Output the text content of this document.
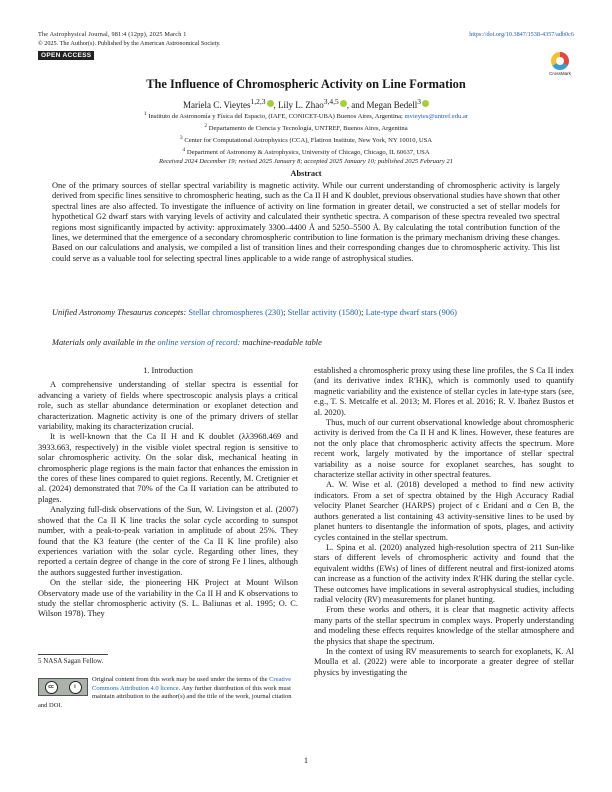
The Astrophysical Journal, 981:4 (12pp), 2025 March 1	https://doi.org/10.3847/1538-4357/adb0c6
© 2025. The Author(s). Published by the American Astronomical Society.
OPEN ACCESS
CrossMark
The Influence of Chromospheric Activity on Line Formation
Mariela C. Vieytes$^{1,2,3}$ , Lily L. Zhao$^{3,4,5}$ , and Megan Bedell$^3$
$^1$ Instituto de Astronomía y Física del Espacio, (IAFE, CONICET-UBA) Buenos Aires, Argentina; mvieytes@untref.edu.ar
$^2$ Departamento de Ciencia y Tecnología, UNTREF, Buenos Aires, Argentina
$^3$ Center for Computational Astrophysics (CCA), Flatiron Institute, New York, NY 10010, USA
$^4$ Department of Astronomy & Astrophysics, University of Chicago, Chicago, IL 60637, USA
Received 2024 December 19; revised 2025 January 8; accepted 2025 January 10; published 2025 February 21
Abstract
One of the primary sources of stellar spectral variability is magnetic activity. While our current understanding of chromospheric activity is largely derived from specific lines sensitive to chromospheric heating, such as the Ca II H and K doublet, previous observational studies have shown that other spectral lines are also affected. To investigate the influence of activity on line formation in greater detail, we constructed a set of stellar models for hypothetical G2 dwarf stars with varying levels of activity and calculated their synthetic spectra. A comparison of these spectra revealed two spectral regions most significantly impacted by activity: approximately 3300–4400 Å and 5250–5500 Å. By calculating the total contribution function of the lines, we determined that the emergence of a secondary chromospheric contribution to line formation is the primary mechanism driving these changes. Based on our calculations and analysis, we compiled a list of transition lines and their corresponding changes due to chromospheric activity. This list could serve as a valuable tool for selecting spectral lines applicable to a wide range of astrophysical studies.
Unified Astronomy Thesaurus concepts: Stellar chromospheres (230); Stellar activity (1580); Late-type dwarf stars (906)
Materials only available in the online version of record: machine-readable table
1. Introduction

A comprehensive understanding of stellar spectra is essential for advancing a variety of fields where spectroscopic analysis plays a critical role, such as stellar abundance determination or exoplanet detection and characterization. Magnetic activity is one of the primary drivers of stellar variability, making its characterization crucial.

It is well-known that the Ca II H and K doublet (λλ3968.469 and 3933.663, respectively) in the visible violet spectral region is sensitive to solar chromospheric activity. On the solar disk, mechanical heating in chromospheric plage regions is the main factor that enhances the emission in the cores of these lines compared to quiet regions. Recently, M. Cretignier et al. (2024) demonstrated that 70% of the Ca II variation can be attributed to plages.

Analyzing full-disk observations of the Sun, W. Livingston et al. (2007) showed that the Ca II K line tracks the solar cycle according to sunspot number, with a peak-to-peak variation in amplitude of about 25%. They found that the K3 feature (the center of the Ca II K line profile) also experiences variation with the solar cycle. Regarding other lines, they reported a certain degree of change in the core of strong Fe I lines, although the authors suggested further investigation.

On the stellar side, the pioneering HK Project at Mount Wilson Observatory made use of the variability in the Ca II H and K observations to study the stellar chromospheric activity (S. L. Baliunas et al. 1995; O. C. Wilson 1978). They

established a chromospheric proxy using these line profiles, the S Ca II index (and its derivative index R′HK), which is commonly used to quantify magnetic variability and the existence of stellar cycles in late-type stars (see, e.g., T. S. Metcalfe et al. 2013; M. Flores et al. 2016; R. V. Ibañez Bustos et al. 2020).

Thus, much of our current observational knowledge about chromospheric activity is derived from the Ca II H and K lines. However, these features are not the only place that chromospheric activity affects the spectrum. More recent work, largely motivated by the importance of stellar spectral variability as a noise source for exoplanet searches, has sought to characterize stellar activity in other spectral features.

A. W. Wise et al. (2018) developed a method to find new activity indicators. From a set of spectra obtained by the High Accuracy Radial velocity Planet Searcher (HARPS) project of ϵ Eridani and α Cen B, the authors generated a list containing 43 activity-sensitive lines to be used by planet hunters to disentangle the information of spots, plages, and activity cycles contained in the stellar spectrum.

L. Spina et al. (2020) analyzed high-resolution spectra of 211 Sun-like stars of different levels of chromospheric activity and found that the equivalent widths (EWs) of lines of different neutral and first-ionized atoms can increase as a function of the activity index R′HK during the stellar cycle. These outcomes have implications in several astrophysical studies, including radial velocity (RV) measurements for planet hunting.

From these works and others, it is clear that magnetic activity affects many parts of the stellar spectrum in complex ways. Properly understanding and modeling these effects requires knowledge of the stellar atmosphere and the physics that shape the spectrum.

In the context of using RV measurements to search for exoplanets, K. Al Moulla et al. (2022) were able to incorporate a greater degree of stellar physics by investigating the

5 NASA Sagan Fellow.
cc	i
Original content from this work may be used under the terms of the Creative Commons Attribution 4.0 licence. Any further distribution of this work must maintain attribution to the author(s) and the title of the work, journal citation and DOI.
1
